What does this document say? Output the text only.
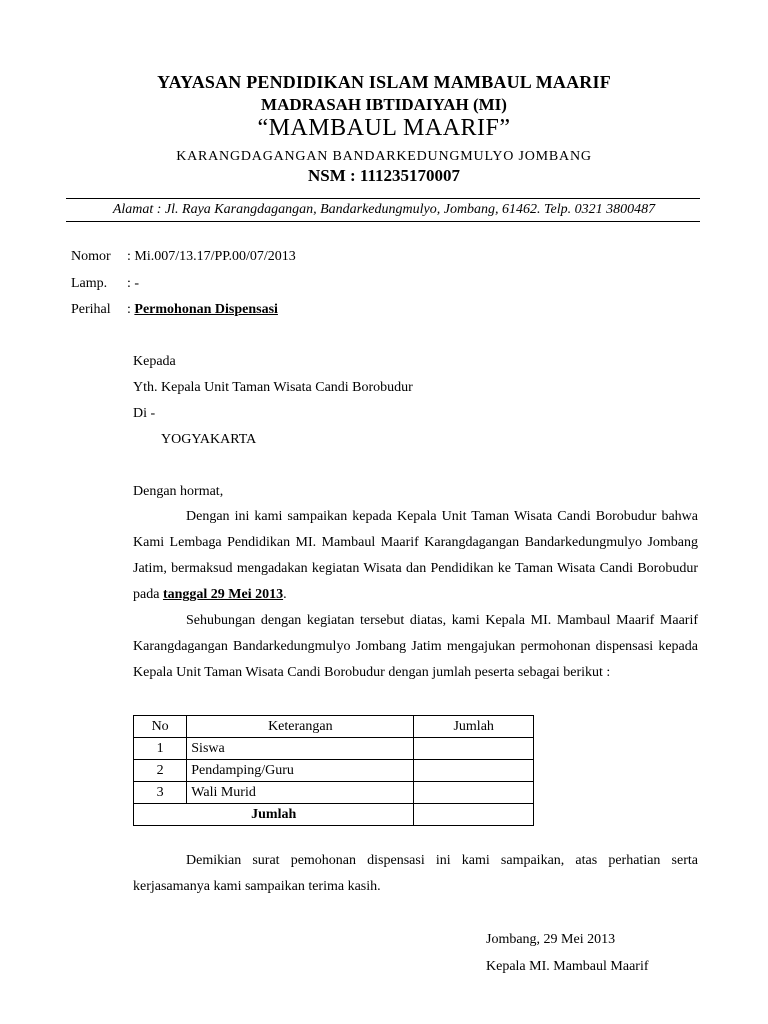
YAYASAN PENDIDIKAN ISLAM MAMBAUL MAARIF
MADRASAH IBTIDAIYAH (MI)
“MAMBAUL MAARIF”
KARANGDAGANGAN BANDARKEDUNGMULYO JOMBANG
NSM : 111235170007
Alamat : Jl. Raya Karangdagangan, Bandarkedungmulyo, Jombang, 61462. Telp. 0321 3800487
Nomor : Mi.007/13.17/PP.00/07/2013
Lamp. : -
Perihal : Permohonan Dispensasi
Kepada
Yth. Kepala Unit Taman Wisata Candi Borobudur
Di -
YOGYAKARTA
Dengan hormat,
Dengan ini kami sampaikan kepada Kepala Unit Taman Wisata Candi Borobudur bahwa Kami Lembaga Pendidikan MI. Mambaul Maarif Karangdagangan Bandarkedungmulyo Jombang Jatim, bermaksud mengadakan kegiatan Wisata dan Pendidikan ke Taman Wisata Candi Borobudur pada tanggal 29 Mei 2013.
Sehubungan dengan kegiatan tersebut diatas, kami Kepala MI. Mambaul Maarif Maarif Karangdagangan Bandarkedungmulyo Jombang Jatim mengajukan permohonan dispensasi kepada Kepala Unit Taman Wisata Candi Borobudur dengan jumlah peserta sebagai berikut :
No	Keterangan	Jumlah
1	Siswa	
2	Pendamping/Guru	
3	Wali Murid	
Jumlah		
Demikian surat pemohonan dispensasi ini kami sampaikan, atas perhatian serta kerjasamanya kami sampaikan terima kasih.
Jombang, 29 Mei 2013
Kepala MI. Mambaul Maarif
